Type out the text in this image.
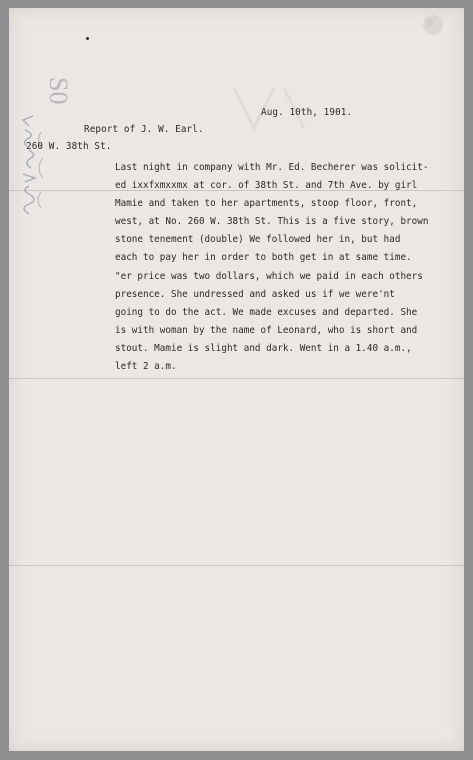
S0
Aug. 10th, 1901.
Report of J. W. Earl.
260 W. 38th St.
Last night in company with Mr. Ed. Becherer was solicit-
ed ixxfxmxxmx at cor. of 38th St. and 7th Ave. by girl
Mamie and taken to her apartments, stoop floor, front,
west, at No. 260 W. 38th St. This is a five story, brown
stone tenement (double) We followed her in, but had
each to pay her in order to both get in at same time.
"er price was two dollars, which we paid in each others
presence. She undressed and asked us if we were'nt
going to do the act. We made excuses and departed. She
is with woman by the name of Leonard, who is short and
stout. Mamie is slight and dark. Went in a 1.40 a.m.,
left 2 a.m.
